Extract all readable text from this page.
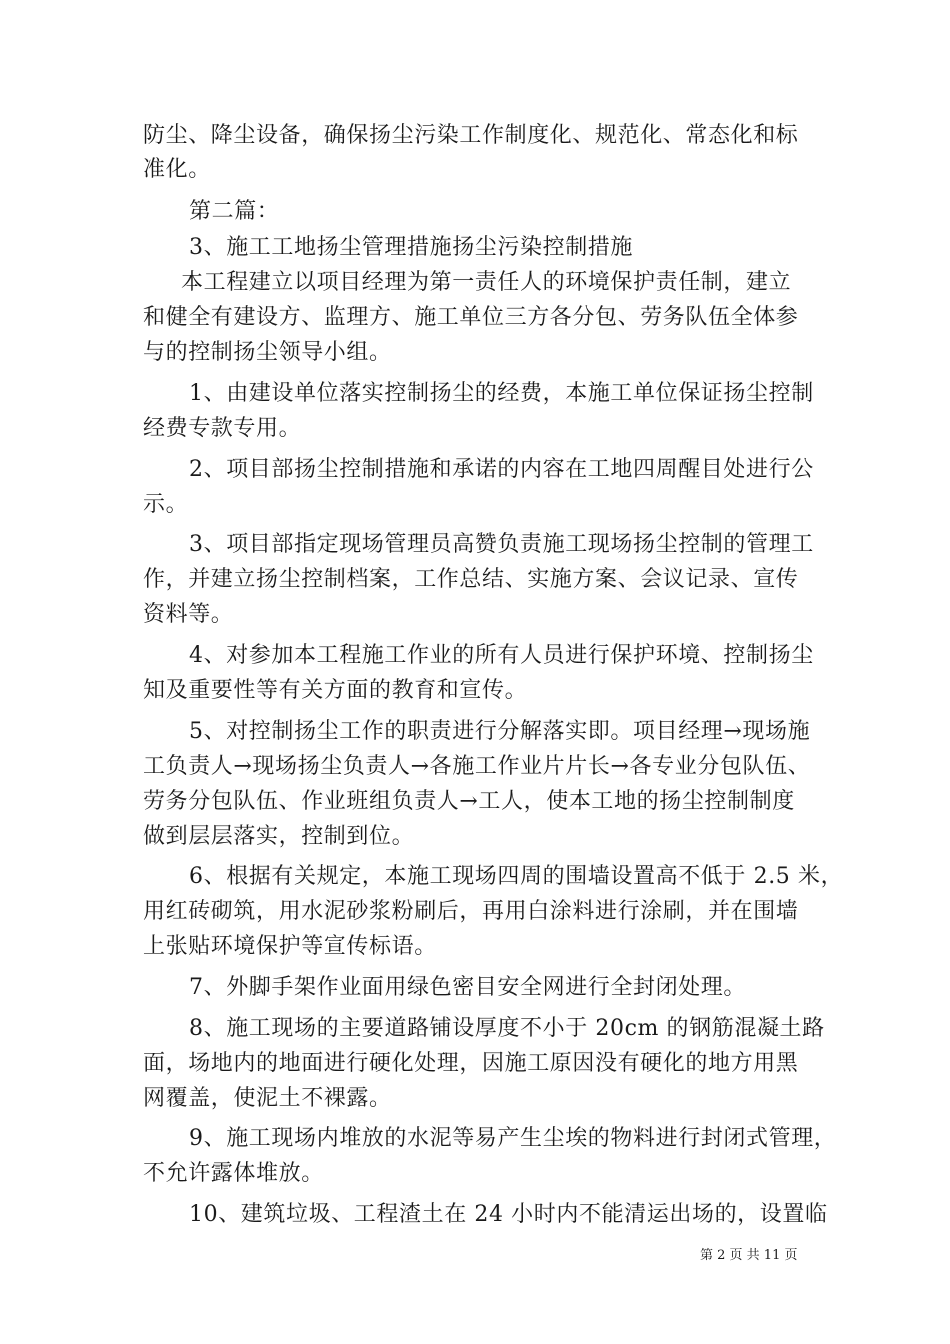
防尘、降尘设备，确保扬尘污染工作制度化、规范化、常态化和标
准化。
第二篇：
3、施工工地扬尘管理措施扬尘污染控制措施
本工程建立以项目经理为第一责任人的环境保护责任制，建立
和健全有建设方、监理方、施工单位三方各分包、劳务队伍全体参
与的控制扬尘领导小组。
1、由建设单位落实控制扬尘的经费，本施工单位保证扬尘控制
经费专款专用。
2、项目部扬尘控制措施和承诺的内容在工地四周醒目处进行公
示。
3、项目部指定现场管理员高赞负责施工现场扬尘控制的管理工
作，并建立扬尘控制档案，工作总结、实施方案、会议记录、宣传
资料等。
4、对参加本工程施工作业的所有人员进行保护环境、控制扬尘
知及重要性等有关方面的教育和宣传。
5、对控制扬尘工作的职责进行分解落实即。项目经理→现场施
工负责人→现场扬尘负责人→各施工作业片片长→各专业分包队伍、
劳务分包队伍、作业班组负责人→工人，使本工地的扬尘控制制度
做到层层落实，控制到位。
6、根据有关规定，本施工现场四周的围墙设置高不低于 2.5 米，
用红砖砌筑，用水泥砂浆粉刷后，再用白涂料进行涂刷，并在围墙
上张贴环境保护等宣传标语。
7、外脚手架作业面用绿色密目安全网进行全封闭处理。
8、施工现场的主要道路铺设厚度不小于 20cm 的钢筋混凝土路
面，场地内的地面进行硬化处理，因施工原因没有硬化的地方用黑
网覆盖，使泥土不裸露。
9、施工现场内堆放的水泥等易产生尘埃的物料进行封闭式管理，
不允许露体堆放。
10、建筑垃圾、工程渣土在 24 小时内不能清运出场的，设置临
第 2 页 共 11 页
